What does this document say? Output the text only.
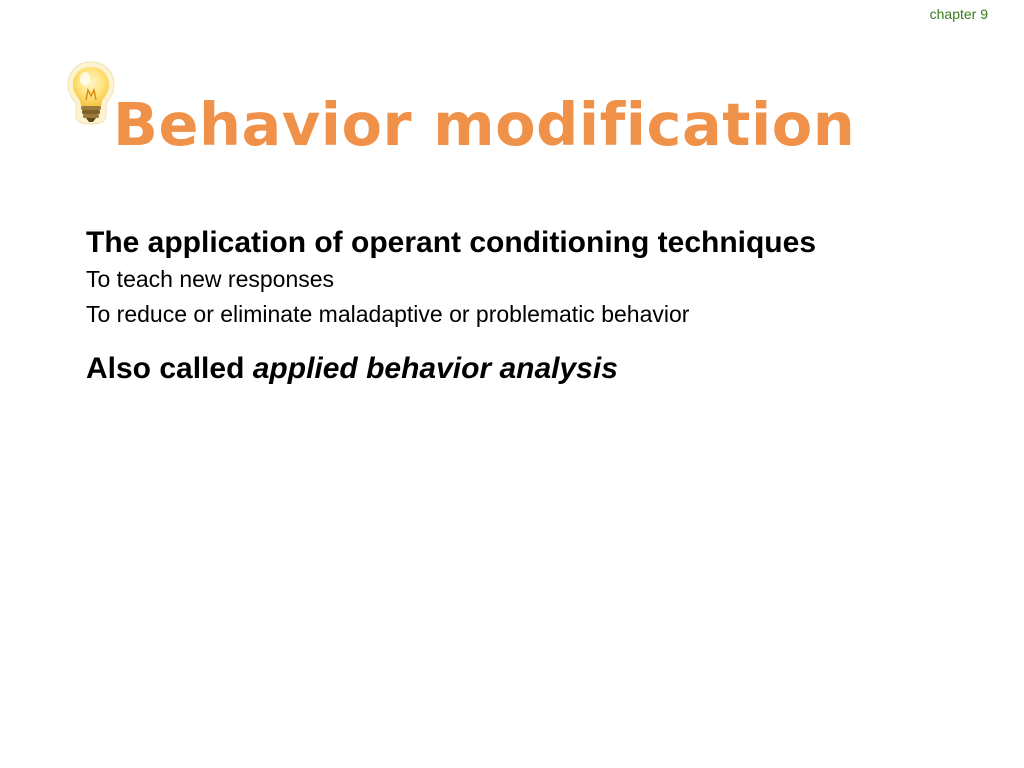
chapter 9
Behavior modification

The application of operant conditioning techniques

To teach new responses

To reduce or eliminate maladaptive or problematic behavior

Also called applied behavior analysis
